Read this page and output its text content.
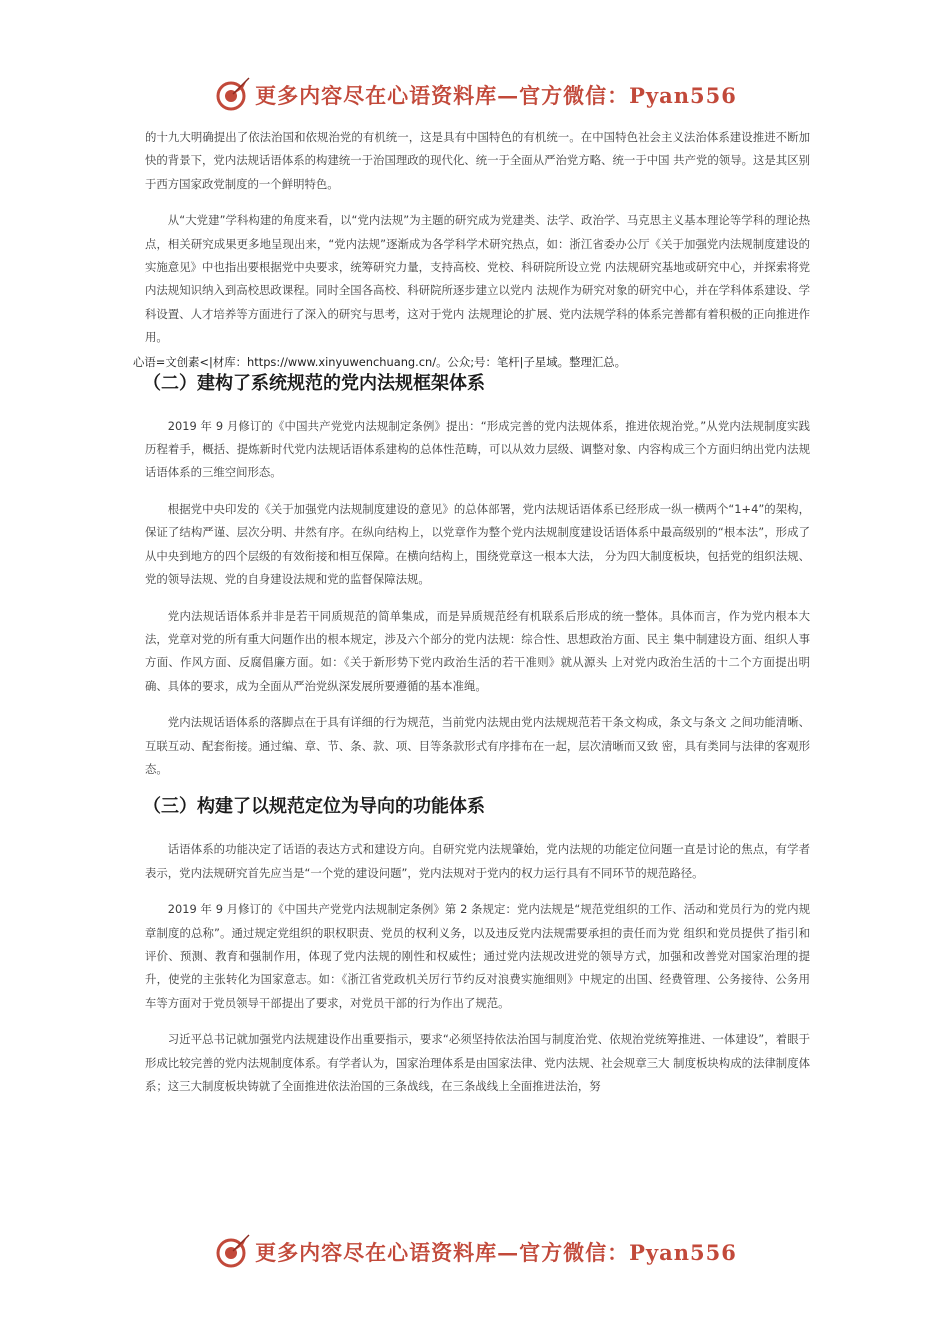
更多内容尽在心语资料库—官方微信：Pyan556

的十九大明确提出了依法治国和依规治党的有机统一，这是具有中国特色的有机统一。在中国特色社会主义法治体系建设推进不断加快的背景下，党内法规话语体系的构建统一于治国理政的现代化、统一于全面从严治党方略、统一于中国 共产党的领导。这是其区别于西方国家政党制度的一个鲜明特色。

从“大党建”学科构建的角度来看，以“党内法规”为主题的研究成为党建类、法学、政治学、马克思主义基本理论等学科的理论热点，相关研究成果更多地呈现出来，“党内法规”逐渐成为各学科学术研究热点，如：浙江省委办公厅《关于加强党内法规制度建设的实施意见》中也指出要根据党中央要求，统筹研究力量，支持高校、党校、科研院所设立党 内法规研究基地或研究中心，并探索将党内法规知识纳入到高校思政课程。同时全国各高校、科研院所逐步建立以党内 法规作为研究对象的研究中心，并在学科体系建设、学科设置、人才培养等方面进行了深入的研究与思考，这对于党内 法规理论的扩展、党内法规学科的体系完善都有着积极的正向推进作用。

心语=文创素<|材库：https://www.xinyuwenchuang.cn/。公众;号：笔杆|子星域。整理汇总。
（二）建构了系统规范的党内法规框架体系

2019 年 9 月修订的《中国共产党党内法规制定条例》提出：“形成完善的党内法规体系，推进依规治党。”从党内法规制度实践历程着手，概括、提炼新时代党内法规话语体系建构的总体性范畴，可以从效力层级、调整对象、内容构成三个方面归纳出党内法规话语体系的三维空间形态。

根据党中央印发的《关于加强党内法规制度建设的意见》的总体部署，党内法规话语体系已经形成一纵一横两个“1+4”的架构，保证了结构严谨、层次分明、井然有序。在纵向结构上，以党章作为整个党内法规制度建设话语体系中最高级别的“根本法”，形成了从中央到地方的四个层级的有效衔接和相互保障。在横向结构上，围绕党章这一根本大法， 分为四大制度板块，包括党的组织法规、党的领导法规、党的自身建设法规和党的监督保障法规。

党内法规话语体系并非是若干同质规范的简单集成，而是异质规范经有机联系后形成的统一整体。具体而言，作为党内根本大法，党章对党的所有重大问题作出的根本规定，涉及六个部分的党内法规：综合性、思想政治方面、民主 集中制建设方面、组织人事方面、作风方面、反腐倡廉方面。如：《关于新形势下党内政治生活的若干准则》就从源头 上对党内政治生活的十二个方面提出明确、具体的要求，成为全面从严治党纵深发展所要遵循的基本准绳。

党内法规话语体系的落脚点在于具有详细的行为规范，当前党内法规由党内法规规范若干条文构成，条文与条文 之间功能清晰、互联互动、配套衔接。通过编、章、节、条、款、项、目等条款形式有序排布在一起，层次清晰而又致 密，具有类同与法律的客观形态。

（三）构建了以规范定位为导向的功能体系

话语体系的功能决定了话语的表达方式和建设方向。自研究党内法规肇始，党内法规的功能定位问题一直是讨论的焦点，有学者表示，党内法规研究首先应当是“一个党的建设问题”，党内法规对于党内的权力运行具有不同环节的规范路径。

2019 年 9 月修订的《中国共产党党内法规制定条例》第 2 条规定：党内法规是“规范党组织的工作、活动和党员行为的党内规章制度的总称”。通过规定党组织的职权职责、党员的权利义务，以及违反党内法规需要承担的责任而为党 组织和党员提供了指引和评价、预测、教育和强制作用，体现了党内法规的刚性和权威性；通过党内法规改进党的领导方式，加强和改善党对国家治理的提升，使党的主张转化为国家意志。如：《浙江省党政机关厉行节约反对浪费实施细则》中规定的出国、经费管理、公务接待、公务用车等方面对于党员领导干部提出了要求，对党员干部的行为作出了规范。

习近平总书记就加强党内法规建设作出重要指示，要求“必须坚持依法治国与制度治党、依规治党统筹推进、一体建设”，着眼于形成比较完善的党内法规制度体系。有学者认为，国家治理体系是由国家法律、党内法规、社会规章三大 制度板块构成的法律制度体系；这三大制度板块铸就了全面推进依法治国的三条战线，在三条战线上全面推进法治，努

更多内容尽在心语资料库—官方微信：Pyan556
